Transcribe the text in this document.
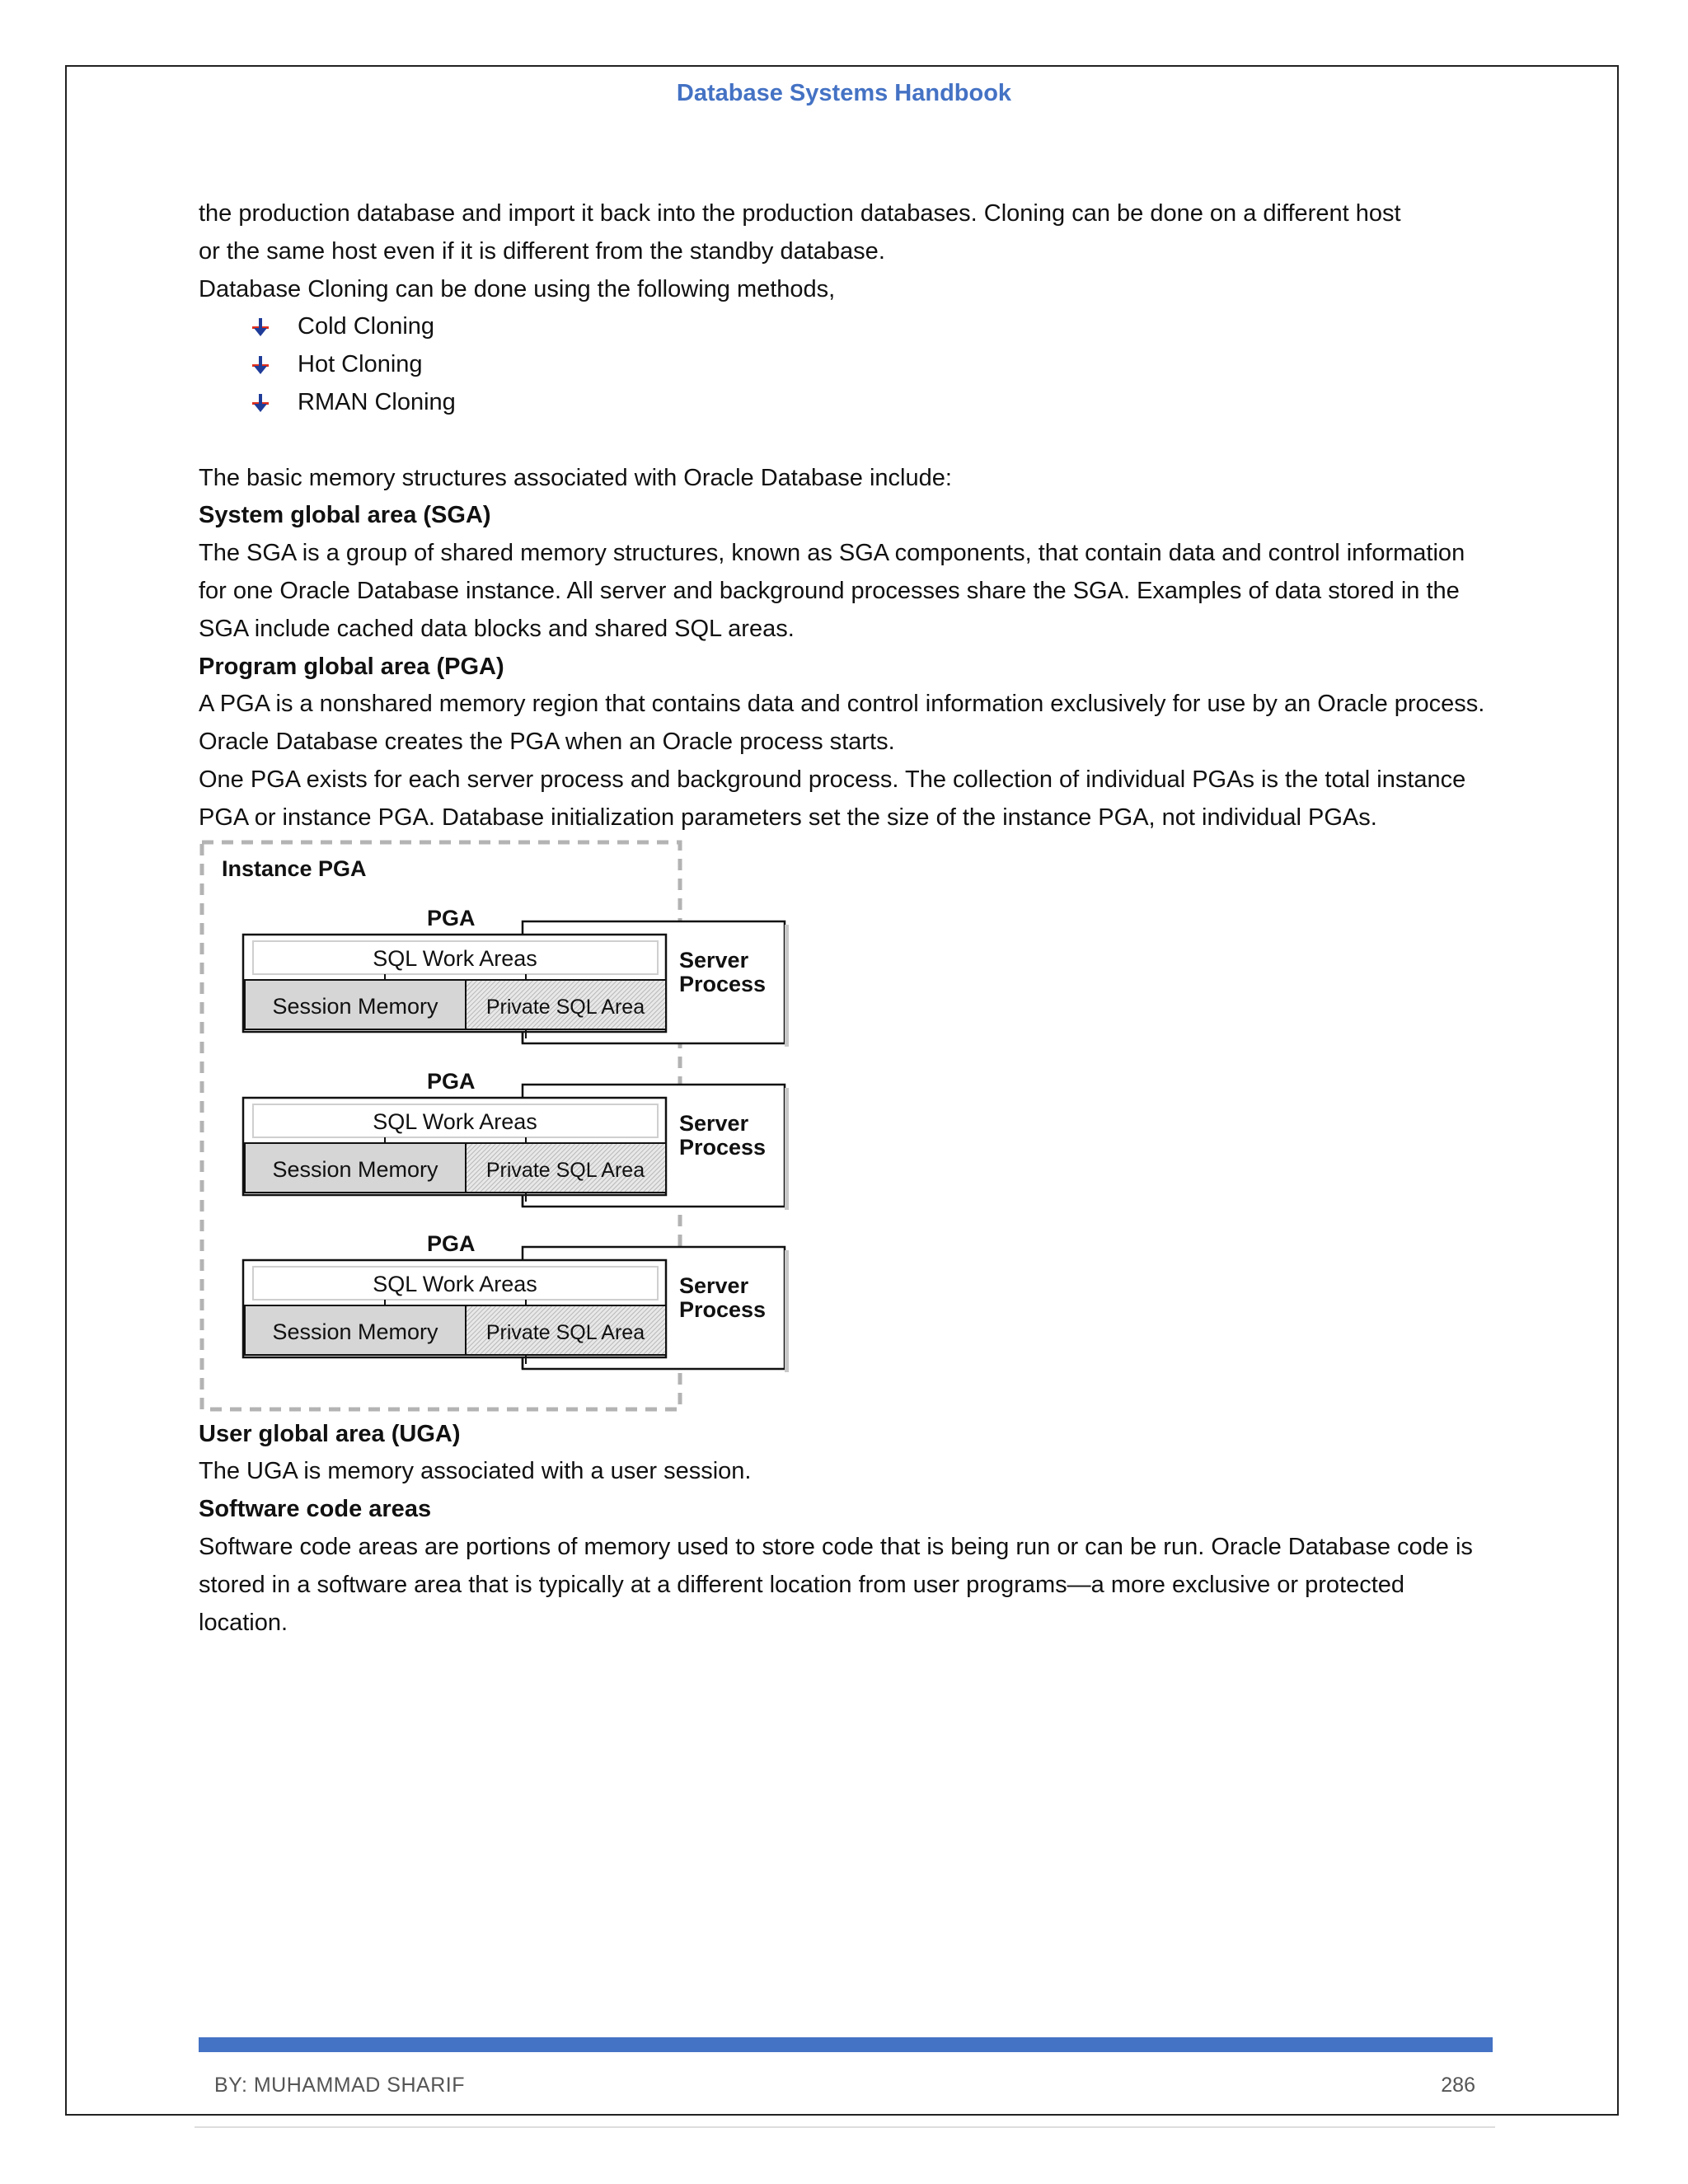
Database Systems Handbook

the production database and import it back into the production databases. Cloning can be done on a different host

or the same host even if it is different from the standby database.

Database Cloning can be done using the following methods,

Cold Cloning
Hot Cloning
RMAN Cloning

The basic memory structures associated with Oracle Database include:

System global area (SGA)

The SGA is a group of shared memory structures, known as SGA components, that contain data and control information for one Oracle Database instance. All server and background processes share the SGA. Examples of data stored in the SGA include cached data blocks and shared SQL areas.

Program global area (PGA)

A PGA is a nonshared memory region that contains data and control information exclusively for use by an Oracle process. Oracle Database creates the PGA when an Oracle process starts.

One PGA exists for each server process and background process. The collection of individual PGAs is the total instance PGA or instance PGA. Database initialization parameters set the size of the instance PGA, not individual PGAs.

Instance PGA
PGA
SQL Work Areas
Session Memory Private SQL Area
Server
Process
PGA
SQL Work Areas
Session Memory Private SQL Area
Server
Process
PGA
SQL Work Areas
Session Memory Private SQL Area
Server
Process

User global area (UGA)

The UGA is memory associated with a user session.

Software code areas

Software code areas are portions of memory used to store code that is being run or can be run. Oracle Database code is stored in a software area that is typically at a different location from user programs—a more exclusive or protected location.

BY: MUHAMMAD SHARIF	286
